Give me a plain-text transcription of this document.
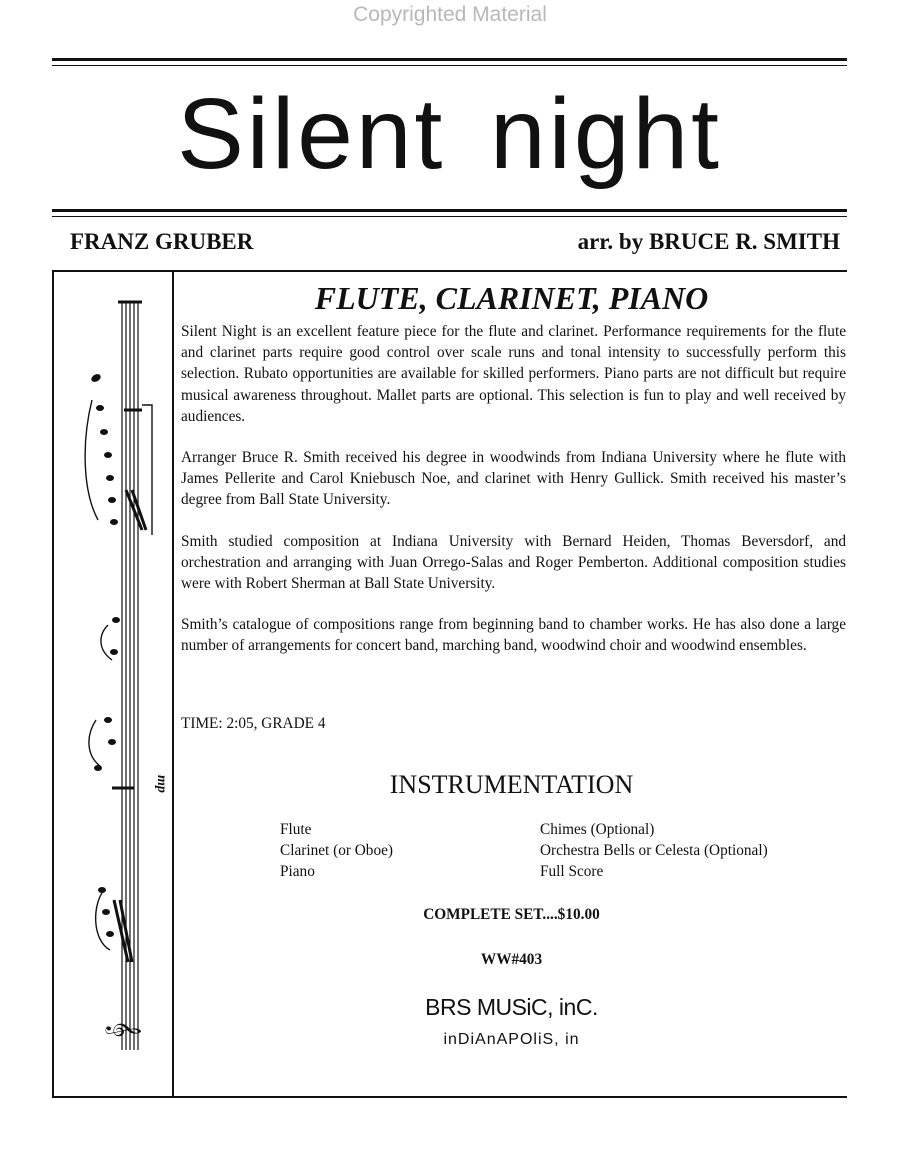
Copyrighted Material
Silent night
FRANZ GRUBER	arr. by BRUCE R. SMITH
mp
𝄞
FLUTE, CLARINET, PIANO

Silent Night is an excellent feature piece for the flute and clarinet. Performance requirements for the flute and clarinet parts require good control over scale runs and tonal intensity to successfully perform this selection. Rubato opportunities are available for skilled performers. Piano parts are not difficult but require musical awareness throughout. Mallet parts are optional. This selection is fun to play and well received by audiences.

Arranger Bruce R. Smith received his degree in woodwinds from Indiana University where he flute with James Pellerite and Carol Kniebusch Noe, and clarinet with Henry Gullick. Smith received his master’s degree from Ball State University.

Smith studied composition at Indiana University with Bernard Heiden, Thomas Beversdorf, and orchestration and arranging with Juan Orrego-Salas and Roger Pemberton. Additional composition studies were with Robert Sherman at Ball State University.

Smith’s catalogue of compositions range from beginning band to chamber works. He has also done a large number of arrangements for concert band, marching band, woodwind choir and woodwind ensembles.

TIME: 2:05, GRADE 4
INSTRUMENTATION
Flute
Clarinet (or Oboe)
Piano
Chimes (Optional)
Orchestra Bells or Celesta (Optional)
Full Score
COMPLETE SET....$10.00
WW#403
BRS MUSiC, inC.
inDiAnAPOliS, in
